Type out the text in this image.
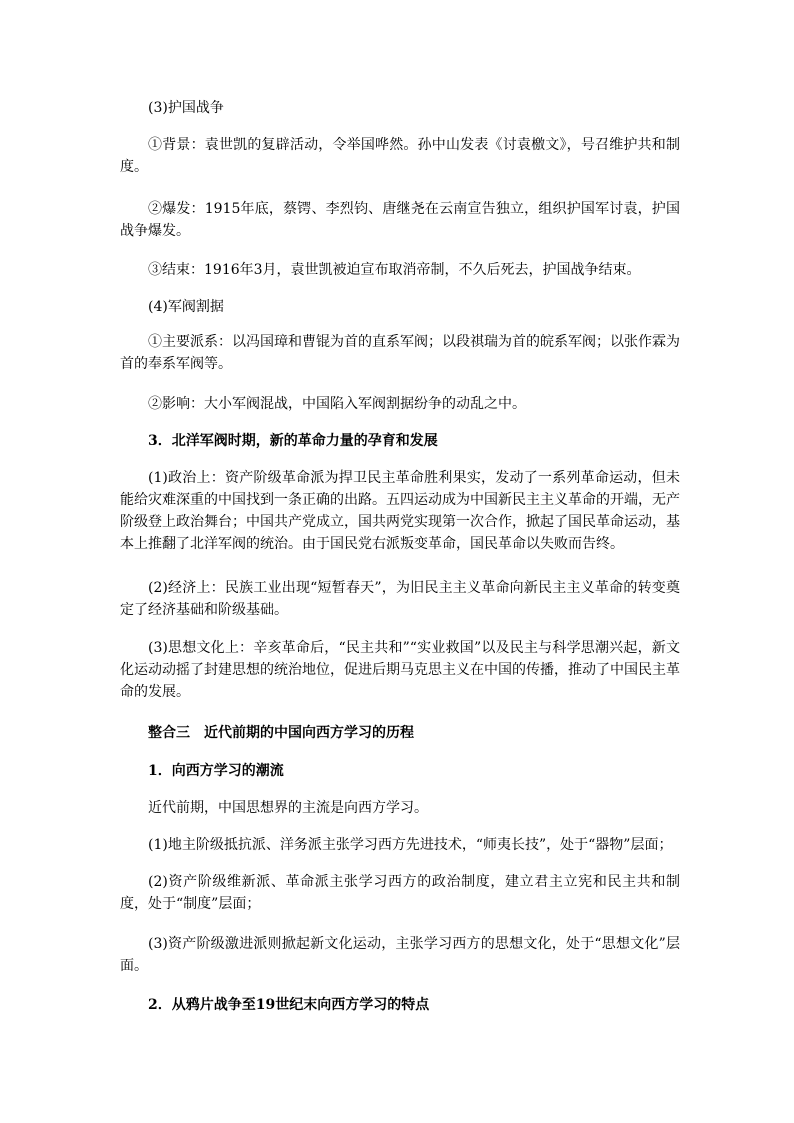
(3)护国战争

①背景：袁世凯的复辟活动，令举国哗然。孙中山发表《讨袁檄文》，号召维护共和制度。

②爆发：1915年底，蔡锷、李烈钧、唐继尧在云南宣告独立，组织护国军讨袁，护国战争爆发。

③结束：1916年3月，袁世凯被迫宣布取消帝制，不久后死去，护国战争结束。

(4)军阀割据

①主要派系：以冯国璋和曹锟为首的直系军阀；以段祺瑞为首的皖系军阀；以张作霖为首的奉系军阀等。

②影响：大小军阀混战，中国陷入军阀割据纷争的动乱之中。

3．北洋军阀时期，新的革命力量的孕育和发展

(1)政治上：资产阶级革命派为捍卫民主革命胜利果实，发动了一系列革命运动，但未能给灾难深重的中国找到一条正确的出路。五四运动成为中国新民主主义革命的开端，无产阶级登上政治舞台；中国共产党成立，国共两党实现第一次合作，掀起了国民革命运动，基本上推翻了北洋军阀的统治。由于国民党右派叛变革命，国民革命以失败而告终。

(2)经济上：民族工业出现“短暂春天”，为旧民主主义革命向新民主主义革命的转变奠定了经济基础和阶级基础。

(3)思想文化上：辛亥革命后，“民主共和”“实业救国”以及民主与科学思潮兴起，新文化运动动摇了封建思想的统治地位，促进后期马克思主义在中国的传播，推动了中国民主革命的发展。

整合三　近代前期的中国向西方学习的历程

1．向西方学习的潮流

近代前期，中国思想界的主流是向西方学习。

(1)地主阶级抵抗派、洋务派主张学习西方先进技术，“师夷长技”，处于“器物”层面；

(2)资产阶级维新派、革命派主张学习西方的政治制度，建立君主立宪和民主共和制度，处于“制度”层面；

(3)资产阶级激进派则掀起新文化运动，主张学习西方的思想文化，处于“思想文化”层面。

2．从鸦片战争至19世纪末向西方学习的特点
